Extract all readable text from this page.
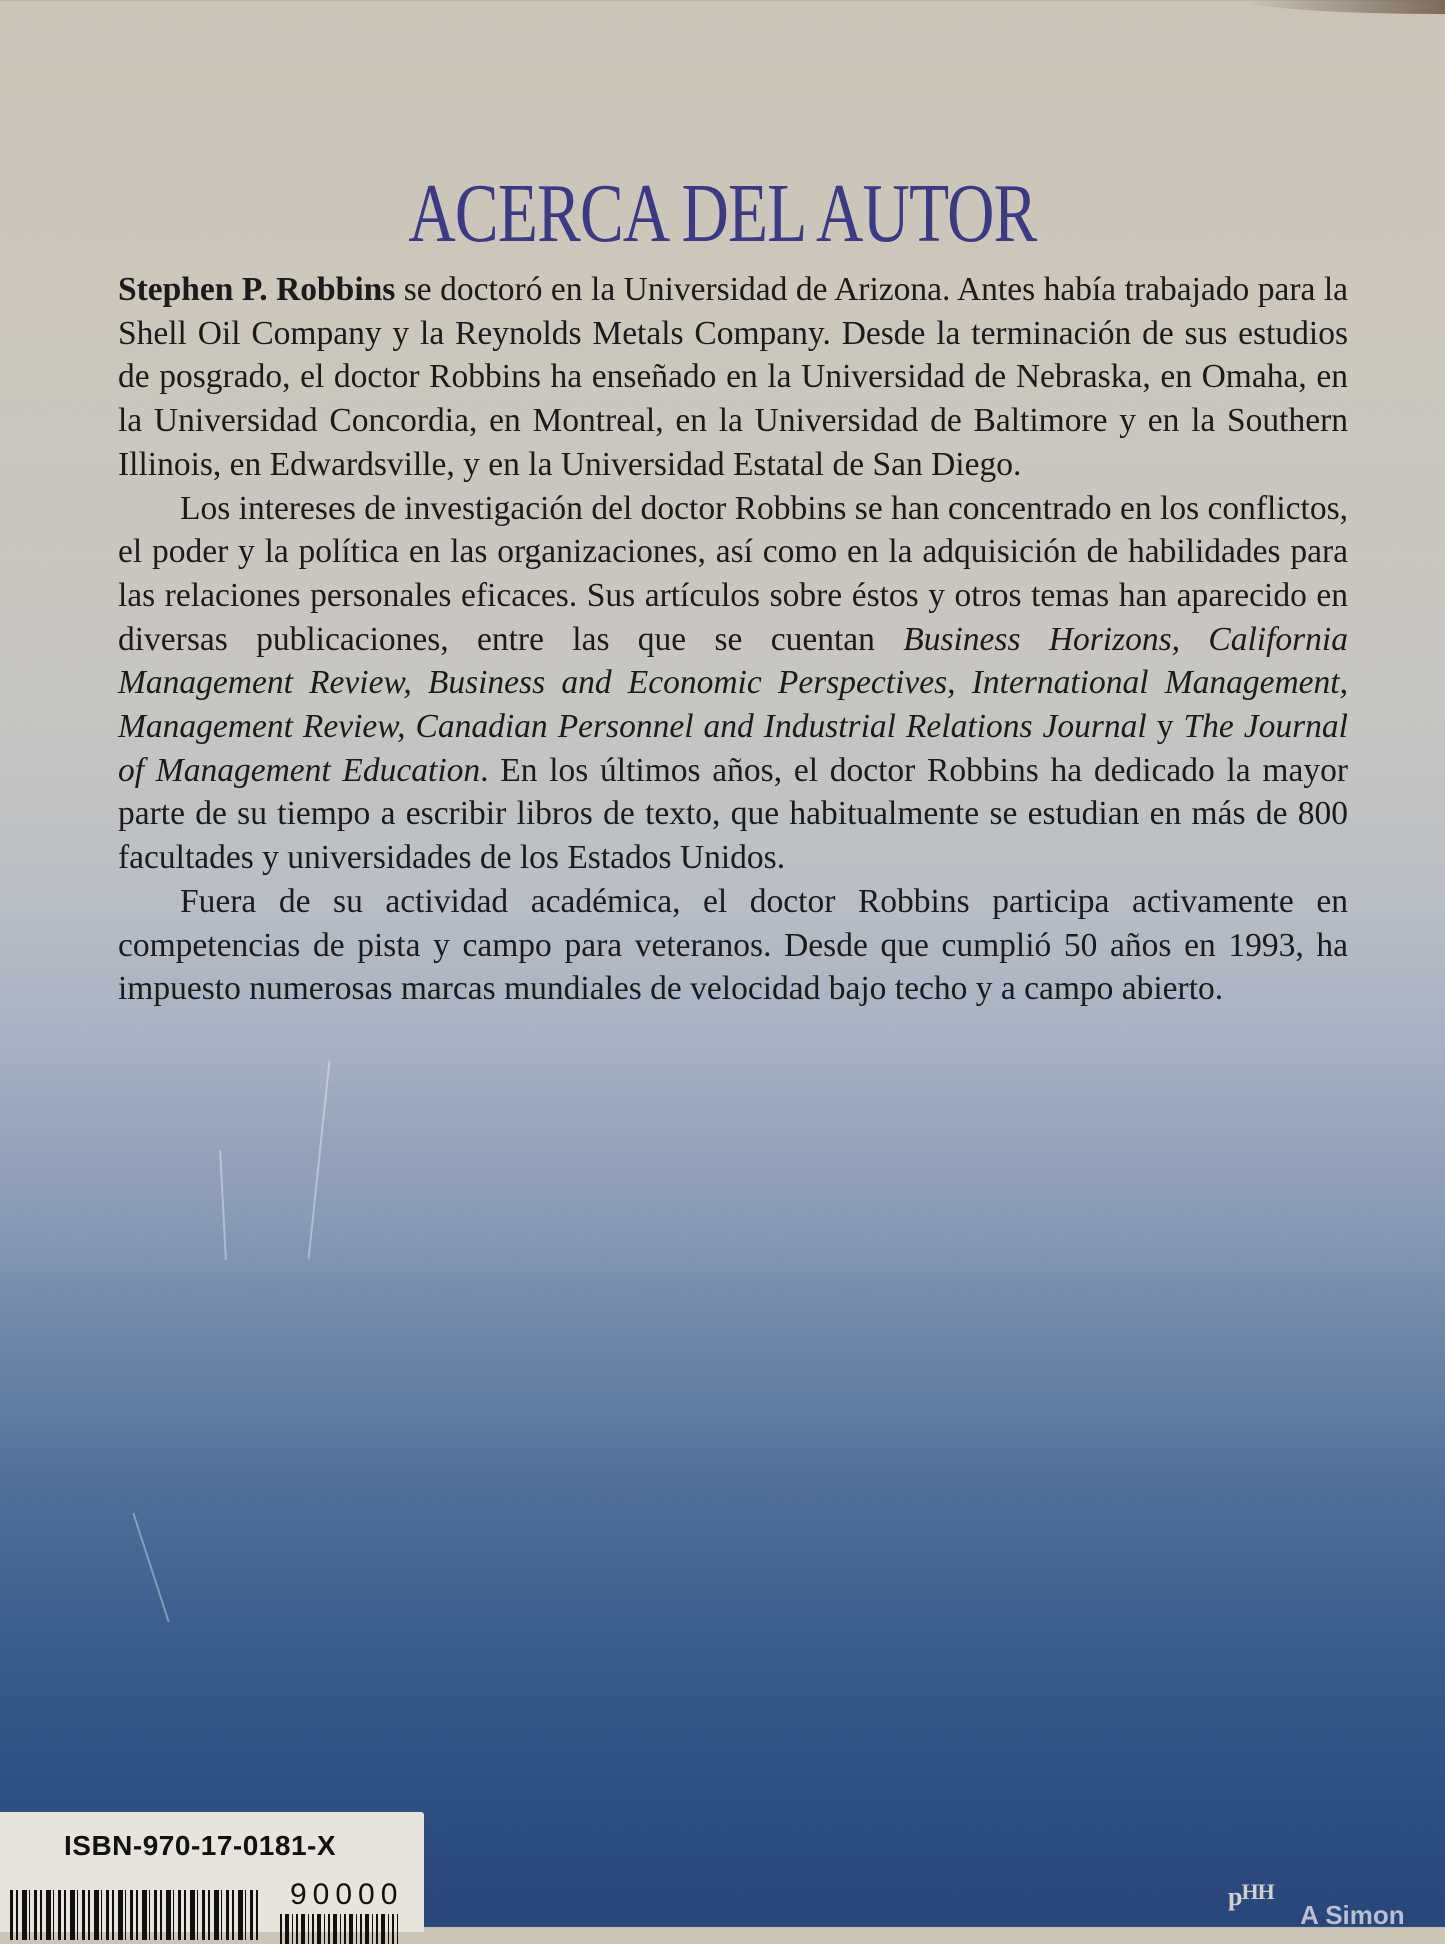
ACERCA DEL AUTOR

Stephen P. Robbins se doctoró en la Universidad de Arizona. Antes había trabajado para la Shell Oil Company y la Reynolds Metals Company. Desde la terminación de sus estudios de posgrado, el doctor Robbins ha enseñado en la Universidad de Nebraska, en Omaha, en la Universidad Concordia, en Montreal, en la Universidad de Baltimore y en la Southern Illinois, en Edwardsville, y en la Universidad Estatal de San Diego.

Los intereses de investigación del doctor Robbins se han concentrado en los conflictos, el poder y la política en las organizaciones, así como en la adquisición de habilidades para las relaciones personales eficaces. Sus artículos sobre éstos y otros temas han aparecido en diversas publicaciones, entre las que se cuentan Business Horizons, California Management Review, Business and Economic Perspectives, International Management, Management Review, Canadian Personnel and Industrial Relations Journal y The Journal of Management Education. En los últimos años, el doctor Robbins ha dedicado la mayor parte de su tiempo a escribir libros de texto, que habitualmente se estudian en más de 800 facultades y universidades de los Estados Unidos.

Fuera de su actividad académica, el doctor Robbins participa activamente en competencias de pista y campo para veteranos. Desde que cumplió 50 años en 1993, ha impuesto numerosas marcas mundiales de velocidad bajo techo y a campo abierto.

ISBN-970-17-0181-X
90000	$p^{HH}$ A Simon
